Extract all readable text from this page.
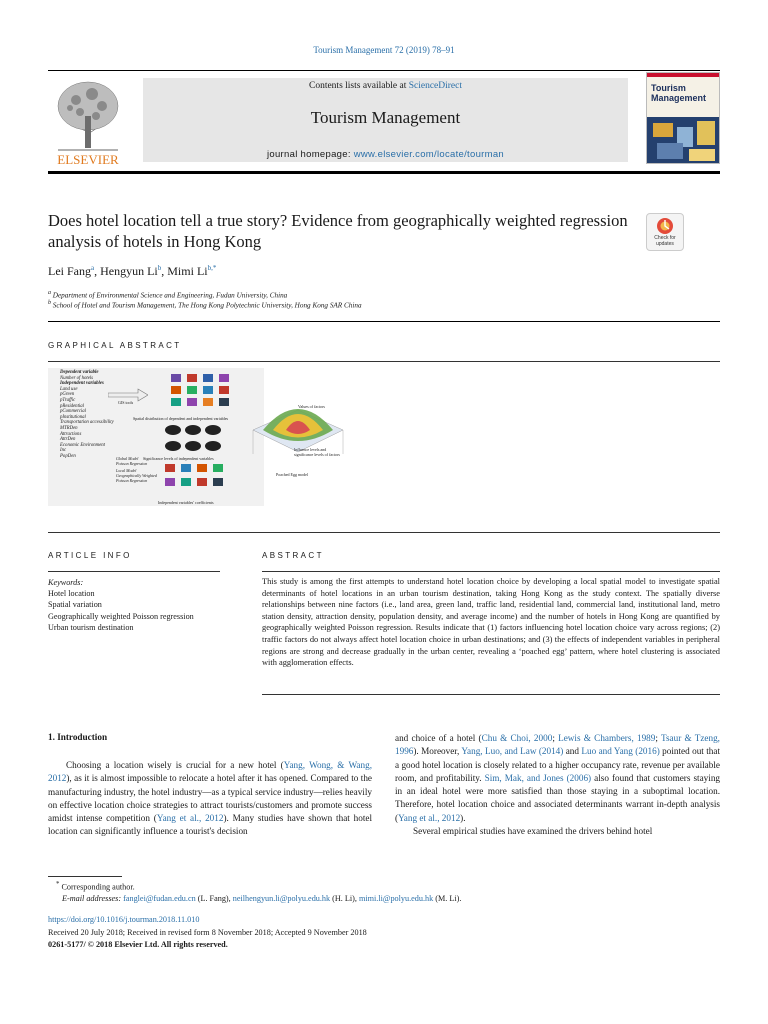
Tourism Management 72 (2019) 78–91
ELSEVIER
Contents lists available at ScienceDirect
Tourism Management
journal homepage: www.elsevier.com/locate/tourman
Tourism Management
Does hotel location tell a true story? Evidence from geographically weighted regression analysis of hotels in Hong Kong	Check for updates
Lei Fang$^a$, Hengyun Li$^b$, Mimi Li$^{b,*}$
$^a$ Department of Environmental Science and Engineering, Fudan University, China
$^b$ School of Hotel and Tourism Management, The Hong Kong Polytechnic University, Hong Kong SAR China
GRAPHICAL ABSTRACT
Dependent variable
Number of hotels
Independent variables
Land use
pGreen
pTraffic
pResidential
pCommercial
pInstitutional
Transportation accessibility
MTRDen
Attractions
AttrDen
Economic Environment
Inc
PopDen
GIS tools
Spatial distribution of dependent and independent variables
Significance levels of independent variables
Global Model
Poisson Regression
Local Model
Geographically Weighted Poisson Regression
Independent variables' coefficients
Values of factors
Influence levels and significance levels of factors
Poached Egg model
ARTICLE INFO
Keywords:
Hotel location
Spatial variation
Geographically weighted Poisson regression
Urban tourism destination
ABSTRACT
This study is among the first attempts to understand hotel location choice by developing a local spatial model to investigate spatial determinants of hotel locations in an urban tourism destination, taking Hong Kong as the study context. The spatially diverse relationships between nine factors (i.e., land area, green land, traffic land, residential land, commercial land, institutional land, metro station density, attraction density, population density, and average income) and the number of hotels in Hong Kong are quantified by geographically weighted Poisson regression. Results indicate that (1) factors influencing hotel location choice vary across regions; (2) traffic factors do not always affect hotel location choice in urban destinations; and (3) the effects of independent variables in peripheral regions are strong and decrease gradually in the urban center, revealing a ‘poached egg’ pattern, where hotel clustering is associated with agglomeration effects.
1. Introduction
Choosing a location wisely is crucial for a new hotel (Yang, Wong, & Wang, 2012), as it is almost impossible to relocate a hotel after it has opened. Compared to the manufacturing industry, the hotel industry—as a typical service industry—relies heavily on effective location choice strategies to attract tourists/customers and promote success amidst intense competition (Yang et al., 2012). Many studies have shown that hotel location can significantly influence a tourist's decision
and choice of a hotel (Chu & Choi, 2000; Lewis & Chambers, 1989; Tsaur & Tzeng, 1996). Moreover, Yang, Luo, and Law (2014) and Luo and Yang (2016) pointed out that a good hotel location is closely related to a higher occupancy rate, revenue per available room, and profitability. Sim, Mak, and Jones (2006) also found that customers staying in an ideal hotel were more satisfied than those staying in a suboptimal location. Therefore, hotel location choice and associated determinants warrant in-depth analysis (Yang et al., 2012).
Several empirical studies have examined the drivers behind hotel
* Corresponding author.
E-mail addresses: fanglei@fudan.edu.cn (L. Fang), neilhengyun.li@polyu.edu.hk (H. Li), mimi.li@polyu.edu.hk (M. Li).
https://doi.org/10.1016/j.tourman.2018.11.010
Received 20 July 2018; Received in revised form 8 November 2018; Accepted 9 November 2018
0261-5177/ © 2018 Elsevier Ltd. All rights reserved.
